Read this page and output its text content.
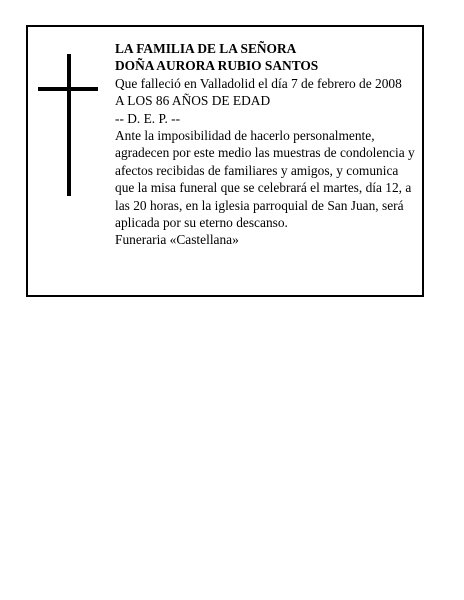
LA FAMILIA DE LA SEÑORA
DOÑA AURORA RUBIO SANTOS
Que falleció en Valladolid el día 7 de febrero de 2008
A LOS 86 AÑOS DE EDAD
-- D. E. P. --
Ante la imposibilidad de hacerlo personalmente, agradecen por este medio las muestras de condolencia y afectos recibidas de familiares y amigos, y comunica que la misa funeral que se celebrará el martes, día 12, a las 20 horas, en la iglesia parroquial de San Juan, será aplicada por su eterno descanso.
Funeraria «Castellana»
